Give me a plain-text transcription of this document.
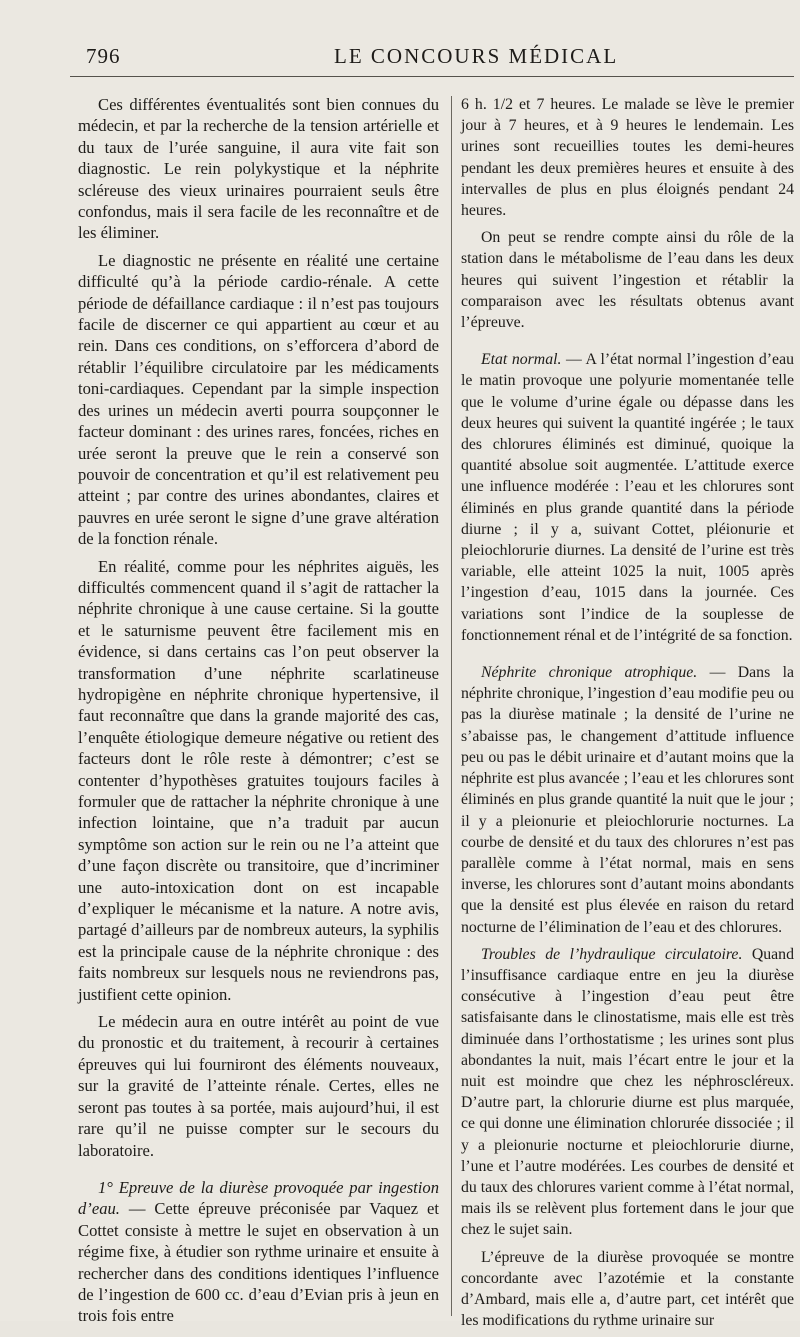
796	LE CONCOURS MÉDICAL

Ces différentes éventualités sont bien connues du médecin, et par la recherche de la tension artérielle et du taux de l’urée sanguine, il aura vite fait son diagnostic. Le rein polykystique et la néphrite scléreuse des vieux urinaires pourraient seuls être confondus, mais il sera facile de les reconnaître et de les éliminer.

Le diagnostic ne présente en réalité une certaine difficulté qu’à la période cardio-rénale. A cette période de défaillance cardiaque : il n’est pas toujours facile de discerner ce qui appartient au cœur et au rein. Dans ces conditions, on s’efforcera d’abord de rétablir l’équilibre circulatoire par les médicaments toni-cardiaques. Cependant par la simple inspection des urines un médecin averti pourra soupçonner le facteur dominant : des urines rares, foncées, riches en urée seront la preuve que le rein a conservé son pouvoir de concentration et qu’il est relativement peu atteint ; par contre des urines abondantes, claires et pauvres en urée seront le signe d’une grave altération de la fonction rénale.

En réalité, comme pour les néphrites aiguës, les difficultés commencent quand il s’agit de rattacher la néphrite chronique à une cause certaine. Si la goutte et le saturnisme peuvent être facilement mis en évidence, si dans certains cas l’on peut observer la transformation d’une néphrite scarlatineuse hydropigène en néphrite chronique hypertensive, il faut reconnaître que dans la grande majorité des cas, l’enquête étiologique demeure négative ou retient des facteurs dont le rôle reste à démontrer; c’est se contenter d’hypothèses gratuites toujours faciles à formuler que de rattacher la néphrite chronique à une infection lointaine, que n’a traduit par aucun symptôme son action sur le rein ou ne l’a atteint que d’une façon discrète ou transitoire, que d’incriminer une auto-intoxication dont on est incapable d’expliquer le mécanisme et la nature. A notre avis, partagé d’ailleurs par de nombreux auteurs, la syphilis est la principale cause de la néphrite chronique : des faits nombreux sur lesquels nous ne reviendrons pas, justifient cette opinion.

Le médecin aura en outre intérêt au point de vue du pronostic et du traitement, à recourir à certaines épreuves qui lui fourniront des éléments nouveaux, sur la gravité de l’atteinte rénale. Certes, elles ne seront pas toutes à sa portée, mais aujourd’hui, il est rare qu’il ne puisse compter sur le secours du laboratoire.

1° Epreuve de la diurèse provoquée par ingestion d’eau. — Cette épreuve préconisée par Vaquez et Cottet consiste à mettre le sujet en observation à un régime fixe, à étudier son rythme urinaire et ensuite à rechercher dans des conditions identiques l’influence de l’ingestion de 600 cc. d’eau d’Evian pris à jeun en trois fois entre

6 h. 1/2 et 7 heures. Le malade se lève le premier jour à 7 heures, et à 9 heures le lendemain. Les urines sont recueillies toutes les demi-heures pendant les deux premières heures et ensuite à des intervalles de plus en plus éloignés pendant 24 heures.

On peut se rendre compte ainsi du rôle de la station dans le métabolisme de l’eau dans les deux heures qui suivent l’ingestion et rétablir la comparaison avec les résultats obtenus avant l’épreuve.

Etat normal. — A l’état normal l’ingestion d’eau le matin provoque une polyurie momentanée telle que le volume d’urine égale ou dépasse dans les deux heures qui suivent la quantité ingérée ; le taux des chlorures éliminés est diminué, quoique la quantité absolue soit augmentée. L’attitude exerce une influence modérée : l’eau et les chlorures sont éliminés en plus grande quantité dans la période diurne ; il y a, suivant Cottet, pléionurie et pleiochlorurie diurnes. La densité de l’urine est très variable, elle atteint 1025 la nuit, 1005 après l’ingestion d’eau, 1015 dans la journée. Ces variations sont l’indice de la souplesse de fonctionnement rénal et de l’intégrité de sa fonction.

Néphrite chronique atrophique. — Dans la néphrite chronique, l’ingestion d’eau modifie peu ou pas la diurèse matinale ; la densité de l’urine ne s’abaisse pas, le changement d’attitude influence peu ou pas le débit urinaire et d’autant moins que la néphrite est plus avancée ; l’eau et les chlorures sont éliminés en plus grande quantité la nuit que le jour ; il y a pleionurie et pleiochlorurie nocturnes. La courbe de densité et du taux des chlorures n’est pas parallèle comme à l’état normal, mais en sens inverse, les chlorures sont d’autant moins abondants que la densité est plus élevée en raison du retard nocturne de l’élimination de l’eau et des chlorures.

Troubles de l’hydraulique circulatoire. Quand l’insuffisance cardiaque entre en jeu la diurèse consécutive à l’ingestion d’eau peut être satisfaisante dans le clinostatisme, mais elle est très diminuée dans l’orthostatisme ; les urines sont plus abondantes la nuit, mais l’écart entre le jour et la nuit est moindre que chez les néphroscléreux. D’autre part, la chlorurie diurne est plus marquée, ce qui donne une élimination chlorurée dissociée ; il y a pleionurie nocturne et pleiochlorurie diurne, l’une et l’autre modérées. Les courbes de densité et du taux des chlorures varient comme à l’état normal, mais ils se relèvent plus fortement dans le jour que chez le sujet sain.

L’épreuve de la diurèse provoquée se montre concordante avec l’azotémie et la constante d’Ambard, mais elle a, d’autre part, cet intérêt que les modifications du rythme urinaire sur
